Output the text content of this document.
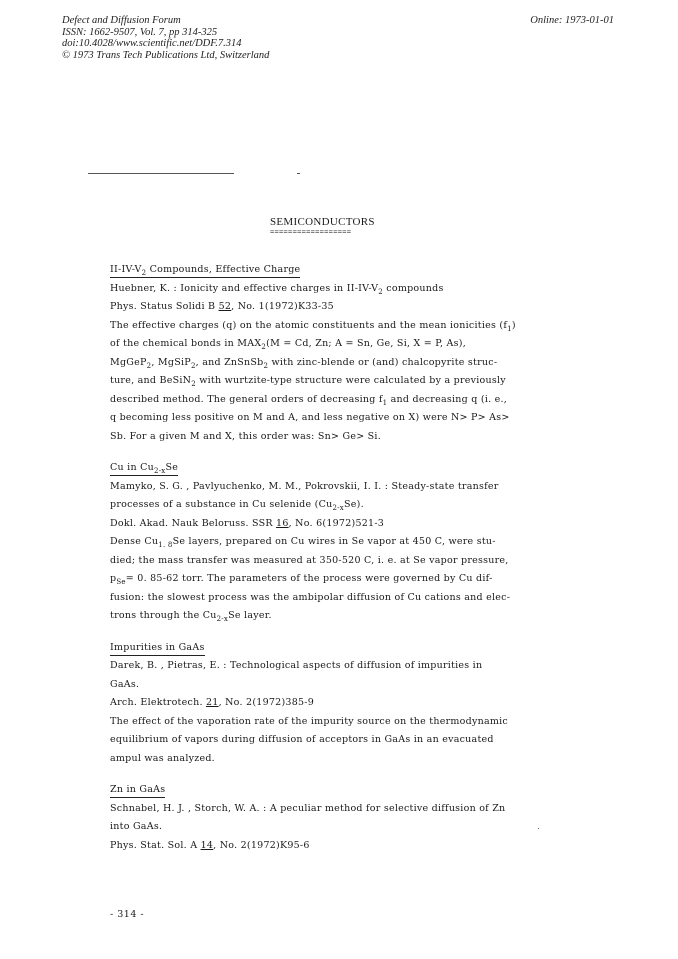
Defect and Diffusion Forum
ISSN: 1662-9507, Vol. 7, pp 314-325
doi:10.4028/www.scientific.net/DDF.7.314
© 1973 Trans Tech Publications Ltd, Switzerland
Online: 1973-01-01
SEMICONDUCTORS
==================
$II-IV-V_2$ Compounds, Effective Charge
Huebner, K. : Ionicity and effective charges in $II-IV-V_2$ compounds
Phys. Status Solidi B 52, No. 1(1972)K33-35
The effective charges (q) on the atomic constituents and the mean ionicities $(f_1)$
of the chemical bonds in $MAX_2(M = Cd$, Zn; A = Sn, Ge, Si, X = P, As),
MgGeP$_2$, MgSiP$_2$, and ZnSnSb$_2$ with zinc-blende or (and) chalcopyrite struc-
ture, and BeSiN$_2$ with wurtzite-type structure were calculated by a previously
described method. The general orders of decreasing $f_1$ and decreasing q (i. e.,
q becoming less positive on M and A, and less negative on X) were N> P> As>
Sb. For a given M and X, this order was: Sn> Ge> Si.
Cu in $Cu_{2-x}Se$
Mamyko, S. G. , Pavlyuchenko, M. M., Pokrovskii, I. I. : Steady-state transfer
processes of a substance in Cu selenide $(Cu_{2-x}Se)$.
Dokl. Akad. Nauk Beloruss. SSR 16, No. 6(1972)521-3
Dense $Cu_{1. 8}Se$ layers, prepared on Cu wires in Se vapor at 450 C, were stu-
died; the mass transfer was measured at 350-520 C, i. e. at Se vapor pressure,
$p_{Se}= 0$. 85-62 torr. The parameters of the process were governed by Cu dif-
fusion: the slowest process was the ambipolar diffusion of Cu cations and elec-
trons through the $Cu_{2-x}Se$ layer.
Impurities in GaAs
Darek, B. , Pietras, E. : Technological aspects of diffusion of impurities in
GaAs.
Arch. Elektrotech. 21, No. 2(1972)385-9
The effect of the vaporation rate of the impurity source on the thermodynamic
equilibrium of vapors during diffusion of acceptors in GaAs in an evacuated
ampul was analyzed.
Zn in GaAs
Schnabel, H. J. , Storch, W. A. : A peculiar method for selective diffusion of Zn
into GaAs.
Phys. Stat. Sol. A 14, No. 2(1972)K95-6
- 314 -
